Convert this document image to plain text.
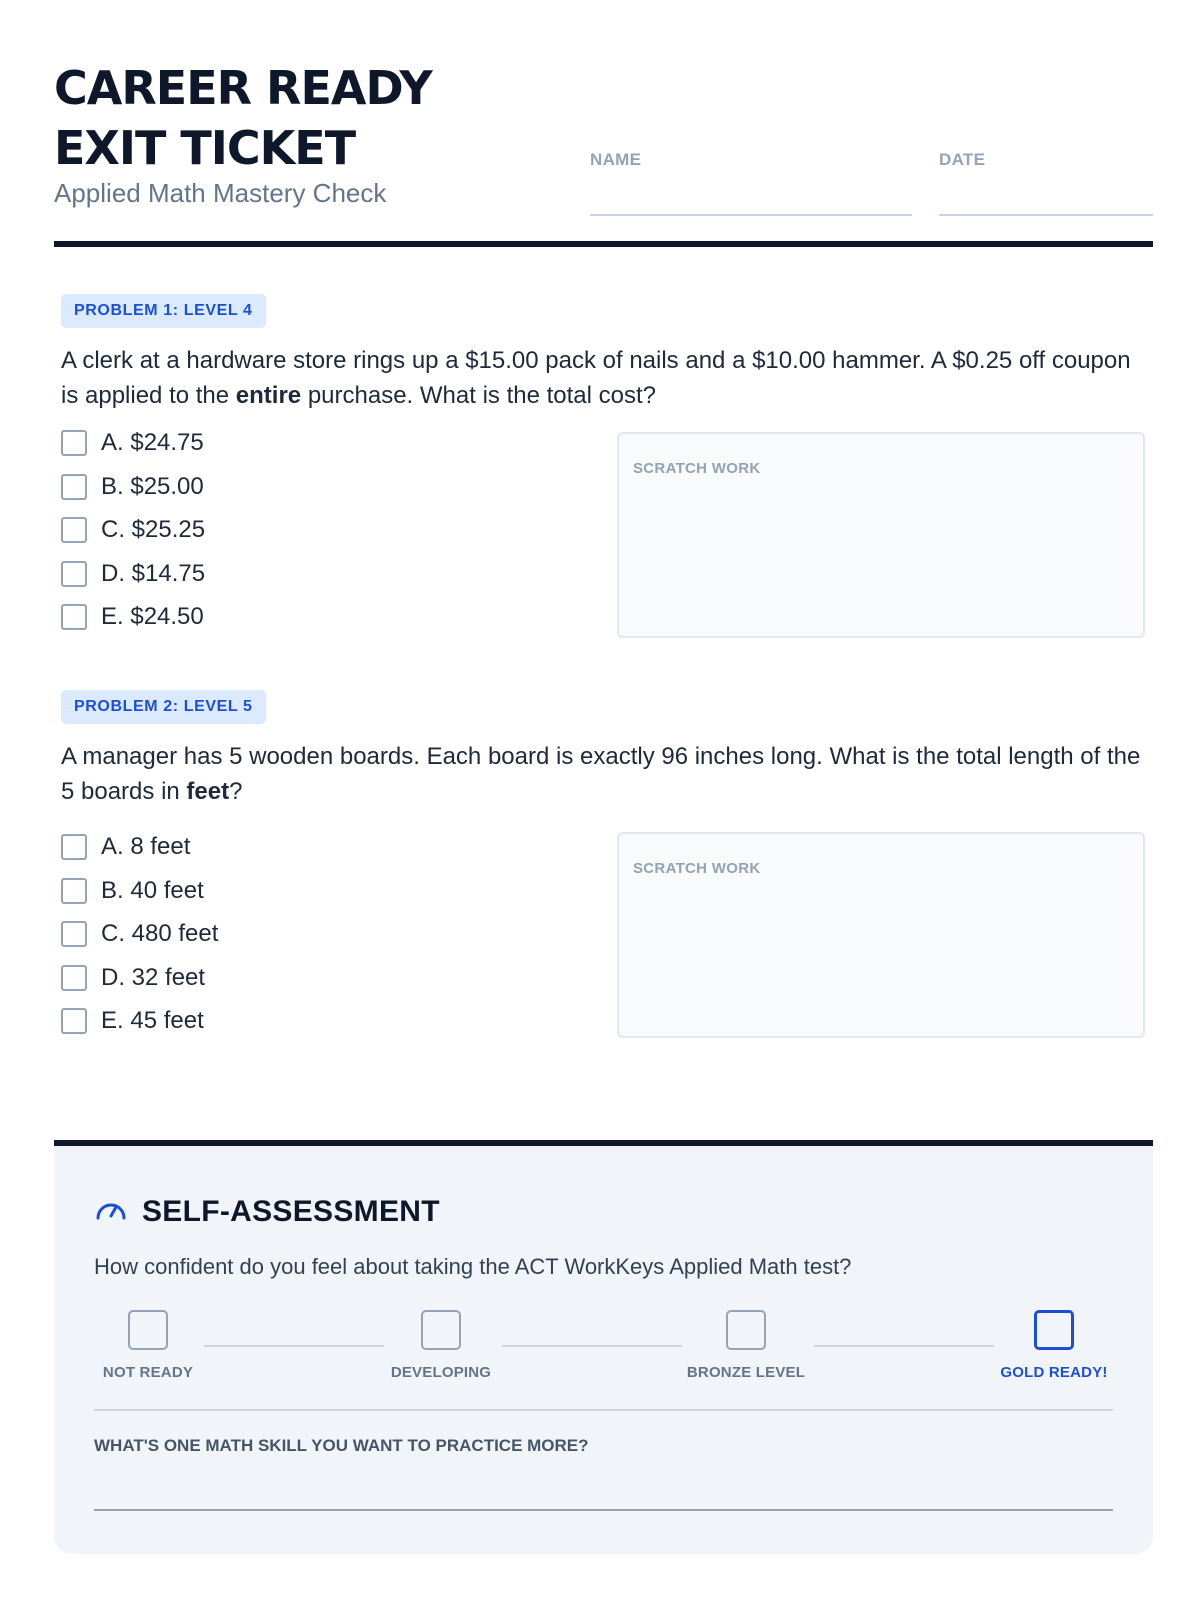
CAREER READY
EXIT TICKET
Applied Math Mastery Check
NAME	DATE
PROBLEM 1: LEVEL 4
A clerk at a hardware store rings up a $15.00 pack of nails and a $10.00 hammer. A $0.25 off coupon is applied to the entire purchase. What is the total cost?
A. $24.75
B. $25.00
C. $25.25
D. $14.75
E. $24.50
SCRATCH WORK
PROBLEM 2: LEVEL 5
A manager has 5 wooden boards. Each board is exactly 96 inches long. What is the total length of the 5 boards in feet?
A. 8 feet
B. 40 feet
C. 480 feet
D. 32 feet
E. 45 feet
SCRATCH WORK
SELF-ASSESSMENT
How confident do you feel about taking the ACT WorkKeys Applied Math test?
NOT READY	DEVELOPING	BRONZE LEVEL	GOLD READY!
WHAT'S ONE MATH SKILL YOU WANT TO PRACTICE MORE?
